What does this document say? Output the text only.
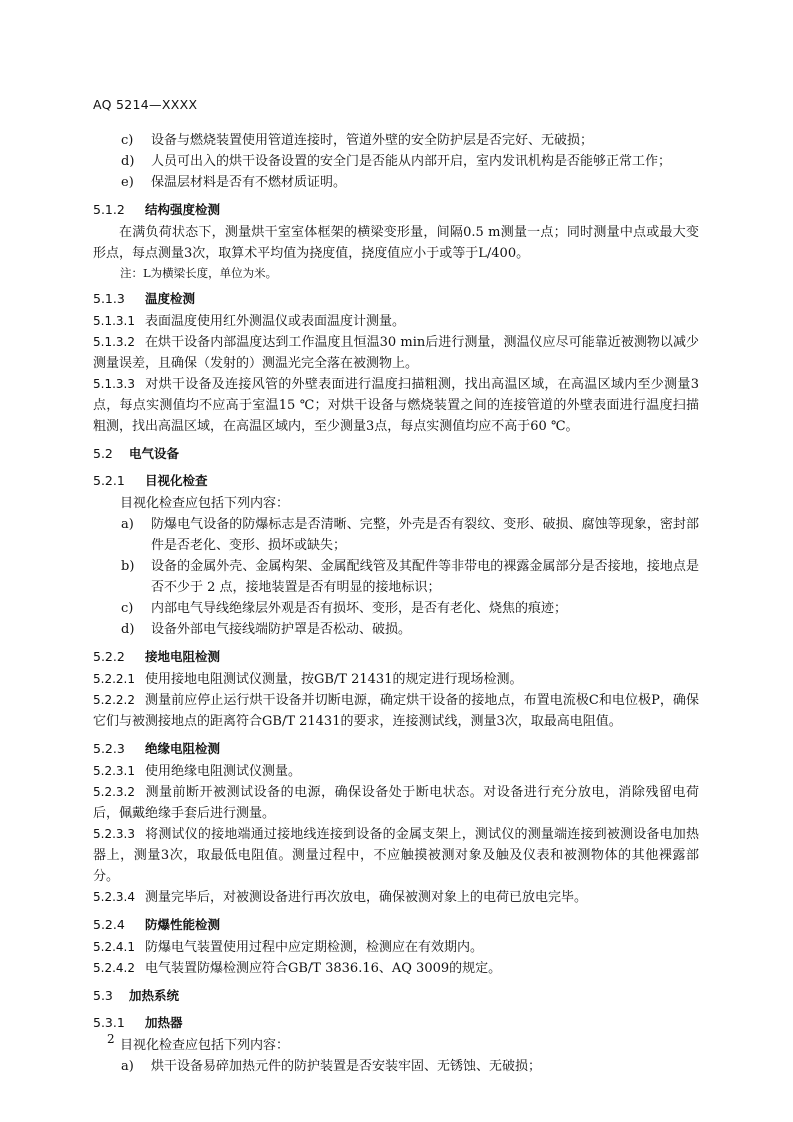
AQ 5214—XXXX
c) 设备与燃烧装置使用管道连接时，管道外壁的安全防护层是否完好、无破损；
d) 人员可出入的烘干设备设置的安全门是否能从内部开启，室内发讯机构是否能够正常工作；
e) 保温层材料是否有不燃材质证明。
5.1.2 结构强度检测
在满负荷状态下，测量烘干室室体框架的横梁变形量，间隔0.5 m测量一点；同时测量中点或最大变形点，每点测量3次，取算术平均值为挠度值，挠度值应小于或等于L/400。
注：L为横梁长度，单位为米。
5.1.3 温度检测
5.1.3.1 表面温度使用红外测温仪或表面温度计测量。
5.1.3.2 在烘干设备内部温度达到工作温度且恒温30 min后进行测量，测温仪应尽可能靠近被测物以减少测量误差，且确保（发射的）测温光完全落在被测物上。
5.1.3.3 对烘干设备及连接风管的外壁表面进行温度扫描粗测，找出高温区域，在高温区域内至少测量3点，每点实测值均不应高于室温15 ℃；对烘干设备与燃烧装置之间的连接管道的外壁表面进行温度扫描粗测，找出高温区域，在高温区域内，至少测量3点，每点实测值均应不高于60 ℃。
5.2 电气设备
5.2.1 目视化检查
目视化检查应包括下列内容：
a) 防爆电气设备的防爆标志是否清晰、完整，外壳是否有裂纹、变形、破损、腐蚀等现象，密封部件是否老化、变形、损坏或缺失；
b) 设备的金属外壳、金属构架、金属配线管及其配件等非带电的裸露金属部分是否接地，接地点是否不少于 2 点，接地装置是否有明显的接地标识；
c) 内部电气导线绝缘层外观是否有损坏、变形，是否有老化、烧焦的痕迹；
d) 设备外部电气接线端防护罩是否松动、破损。
5.2.2 接地电阻检测
5.2.2.1 使用接地电阻测试仪测量，按GB/T 21431的规定进行现场检测。
5.2.2.2 测量前应停止运行烘干设备并切断电源，确定烘干设备的接地点，布置电流极C和电位极P，确保它们与被测接地点的距离符合GB/T 21431的要求，连接测试线，测量3次，取最高电阻值。
5.2.3 绝缘电阻检测
5.2.3.1 使用绝缘电阻测试仪测量。
5.2.3.2 测量前断开被测试设备的电源，确保设备处于断电状态。对设备进行充分放电，消除残留电荷后，佩戴绝缘手套后进行测量。
5.2.3.3 将测试仪的接地端通过接地线连接到设备的金属支架上，测试仪的测量端连接到被测设备电加热器上，测量3次，取最低电阻值。测量过程中，不应触摸被测对象及触及仪表和被测物体的其他裸露部分。
5.2.3.4 测量完毕后，对被测设备进行再次放电，确保被测对象上的电荷已放电完毕。
5.2.4 防爆性能检测
5.2.4.1 防爆电气装置使用过程中应定期检测，检测应在有效期内。
5.2.4.2 电气装置防爆检测应符合GB/T 3836.16、AQ 3009的规定。
5.3 加热系统
5.3.1 加热器
目视化检查应包括下列内容：
a) 烘干设备易碎加热元件的防护装置是否安装牢固、无锈蚀、无破损；
2
